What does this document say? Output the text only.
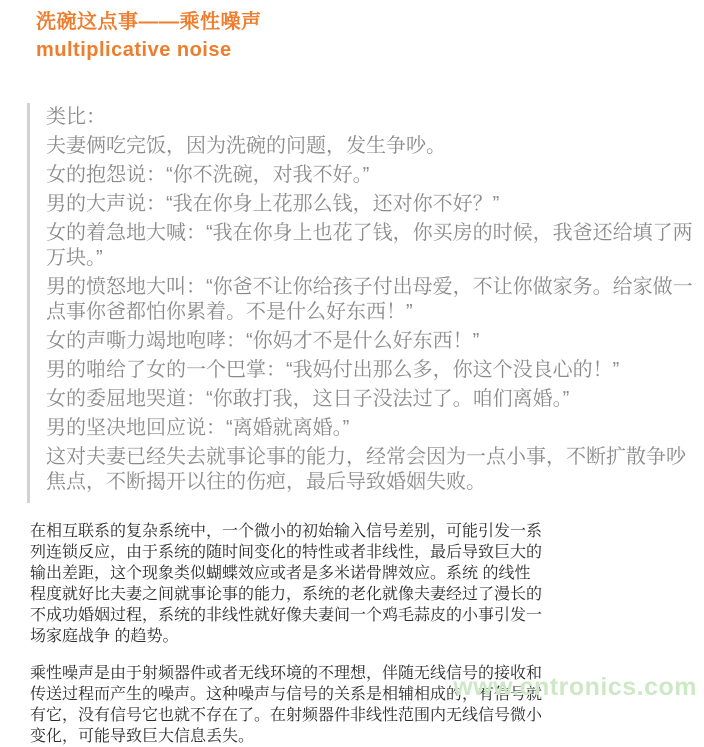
洗碗这点事——乘性噪声
multiplicative noise

类比：

夫妻俩吃完饭，因为洗碗的问题，发生争吵。

女的抱怨说：“你不洗碗，对我不好。”

男的大声说：“我在你身上花那么钱，还对你不好？”

女的着急地大喊：“我在你身上也花了钱，你买房的时候，我爸还给填了两万块。”

男的愤怒地大叫：“你爸不让你给孩子付出母爱，不让你做家务。给家做一点事你爸都怕你累着。不是什么好东西！”

女的声嘶力竭地咆哮：“你妈才不是什么好东西！”

男的啪给了女的一个巴掌：“我妈付出那么多，你这个没良心的！”

女的委屈地哭道：“你敢打我，这日子没法过了。咱们离婚。”

男的坚决地回应说：“离婚就离婚。”

这对夫妻已经失去就事论事的能力，经常会因为一点小事，不断扩散争吵焦点，不断揭开以往的伤疤，最后导致婚姻失败。

在相互联系的复杂系统中，一个微小的初始输入信号差别，可能引发一系列连锁反应，由于系统的随时间变化的特性或者非线性，最后导致巨大的输出差距，这个现象类似蝴蝶效应或者是多米诺骨牌效应。系统 的线性程度就好比夫妻之间就事论事的能力，系统的老化就像夫妻经过了漫长的不成功婚姻过程，系统的非线性就好像夫妻间一个鸡毛蒜皮的小事引发一场家庭战争 的趋势。

乘性噪声是由于射频器件或者无线环境的不理想，伴随无线信号的接收和传送过程而产生的噪声。这种噪声与信号的关系是相辅相成的，有信号就有它，没有信号它也就不存在了。在射频器件非线性范围内无线信号微小变化，可能导致巨大信息丢失。

www.cntronics.com
